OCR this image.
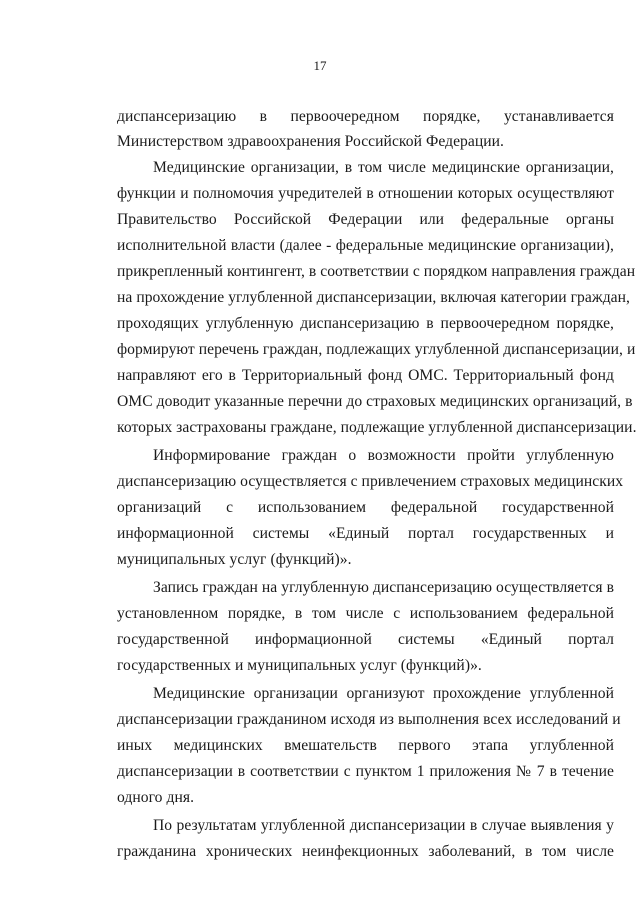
17
диспансеризацию в первоочередном порядке, устанавливается
Министерством здравоохранения Российской Федерации.
Медицинские организации, в том числе медицинские организации,
функции и полномочия учредителей в отношении которых осуществляют
Правительство Российской Федерации или федеральные органы
исполнительной власти (далее - федеральные медицинские организации),
прикрепленный контингент, в соответствии с порядком направления граждан
на прохождение углубленной диспансеризации, включая категории граждан,
проходящих углубленную диспансеризацию в первоочередном порядке,
формируют перечень граждан, подлежащих углубленной диспансеризации, и
направляют его в Территориальный фонд ОМС. Территориальный фонд
ОМС доводит указанные перечни до страховых медицинских организаций, в
которых застрахованы граждане, подлежащие углубленной диспансеризации.
Информирование граждан о возможности пройти углубленную
диспансеризацию осуществляется с привлечением страховых медицинских
организаций с использованием федеральной государственной
информационной системы «Единый портал государственных и
муниципальных услуг (функций)».
Запись граждан на углубленную диспансеризацию осуществляется в
установленном порядке, в том числе с использованием федеральной
государственной информационной системы «Единый портал
государственных и муниципальных услуг (функций)».
Медицинские организации организуют прохождение углубленной
диспансеризации гражданином исходя из выполнения всех исследований и
иных медицинских вмешательств первого этапа углубленной
диспансеризации в соответствии с пунктом 1 приложения № 7 в течение
одного дня.
По результатам углубленной диспансеризации в случае выявления у
гражданина хронических неинфекционных заболеваний, в том числе
